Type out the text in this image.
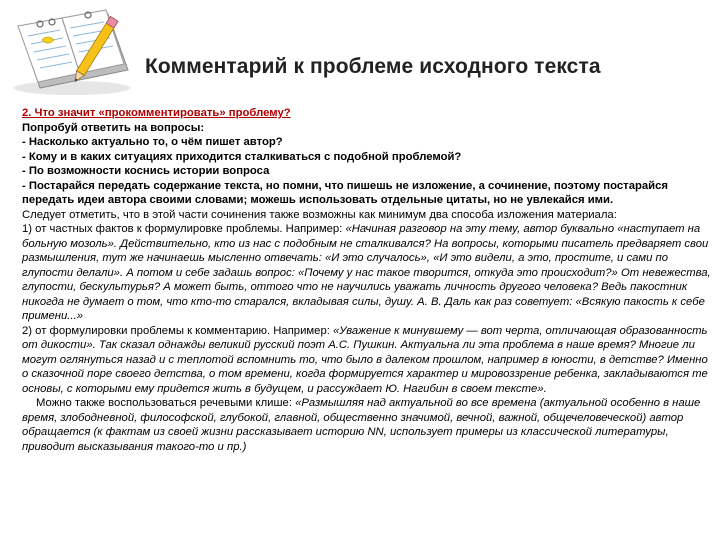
Комментарий к проблеме исходного текста

2. Что значит «прокомментировать» проблему?

Попробуй ответить на вопросы:

- Насколько актуально то, о чём пишет автор?

- Кому и в каких ситуациях приходится сталкиваться с подобной проблемой?

- По возможности коснись истории вопроса

- Постарайся передать содержание текста, но помни, что пишешь не изложение, а сочинение, поэтому постарайся передать идеи автора своими словами; можешь использовать отдельные цитаты, но не увлекайся ими.

Следует отметить, что в этой части сочинения также возможны как минимум два способа изложения материала:

1) от частных фактов к формулировке проблемы. Например: «Начиная разговор на эту тему, автор буквально «наступает на больную мозоль». Действительно, кто из нас с подобным не сталкивался? На вопросы, которыми писатель предваряет свои размышления, тут же начинаешь мысленно отвечать: «И это случалось», «И это видели, а это, простите, и сами по глупости делали». А потом и себе задашь вопрос: «Почему у нас такое творится, откуда это происходит?» От невежества, глупости, бескультурья? А может быть, оттого что не научились уважать личность другого человека? Ведь пакостник никогда не думает о том, что кто-то старался, вкладывая силы, душу. А. В. Даль как раз советует: «Всякую пакость к себе примени...»

2) от формулировки проблемы к комментарию. Например: «Уважение к минувшему — вот черта, отличающая образованность от дикости». Так сказал однажды великий русский поэт А.С. Пушкин. Актуальна ли эта проблема в наше время? Многие ли могут оглянуться назад и с теплотой вспомнить то, что было в далеком прошлом, например в юности, в детстве? Именно о сказочной поре своего детства, о том времени, когда формируется характер и мировоззрение ребенка, закладываются те основы, с которыми ему придется жить в будущем, и рассуждает Ю. Нагибин в своем тексте».

Можно также воспользоваться речевыми клише: «Размышляя над актуальной во все времена (актуальной особенно в наше время, злободневной, философской, глубокой, главной, общественно значимой, вечной, важной, общечеловеческой) автор обращается (к фактам из своей жизни рассказывает историю NN, использует примеры из классической литературы, приводит высказывания такого-то и пр.)
